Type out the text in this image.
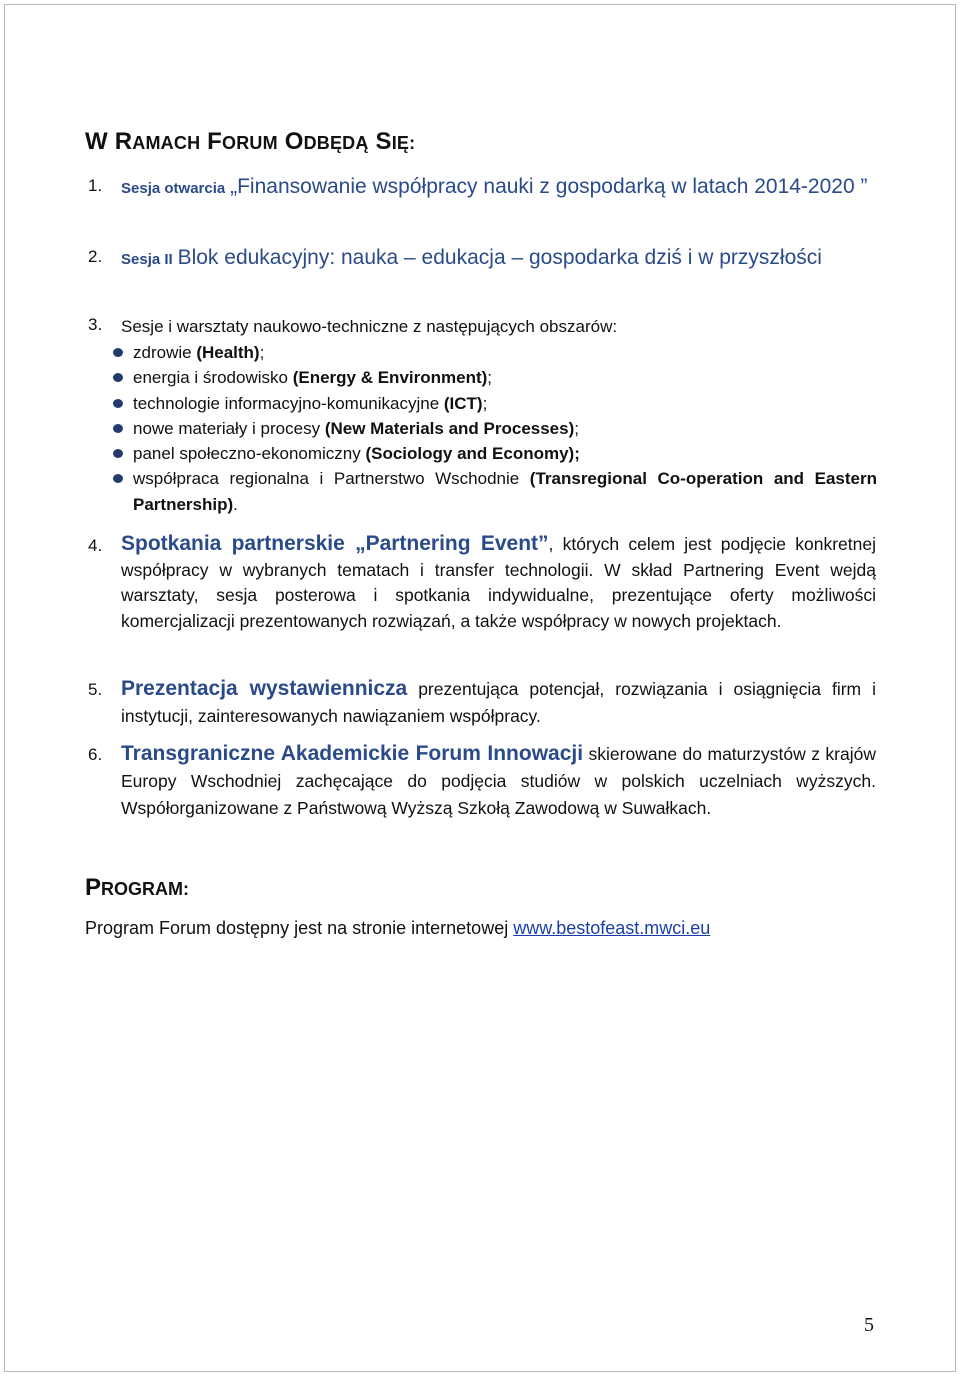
W RAMACH FORUM ODBĘDĄ SIĘ:
1. Sesja otwarcia „Finansowanie współpracy nauki z gospodarką w latach 2014-2020 ”
2. Sesja II Blok edukacyjny: nauka – edukacja – gospodarka dziś i w przyszłości
3. Sesje i warsztaty naukowo-techniczne z następujących obszarów:
zdrowie (Health);
energia i środowisko (Energy & Environment);
technologie informacyjno-komunikacyjne (ICT);
nowe materiały i procesy (New Materials and Processes);
panel społeczno-ekonomiczny (Sociology and Economy);
współpraca regionalna i Partnerstwo Wschodnie (Transregional Co-operation and Eastern Partnership).
4. Spotkania partnerskie „Partnering Event”, których celem jest podjęcie konkretnej współpracy w wybranych tematach i transfer technologii. W skład Partnering Event wejdą warsztaty, sesja posterowa i spotkania indywidualne, prezentujące oferty możliwości komercjalizacji prezentowanych rozwiązań, a także współpracy w nowych projektach.
5. Prezentacja wystawiennicza prezentująca potencjał, rozwiązania i osiągnięcia firm i instytucji, zainteresowanych nawiązaniem współpracy.
6. Transgraniczne Akademickie Forum Innowacji skierowane do maturzystów z krajów Europy Wschodniej zachęcające do podjęcia studiów w polskich uczelniach wyższych. Współorganizowane z Państwową Wyższą Szkołą Zawodową w Suwałkach.
PROGRAM:
Program Forum dostępny jest na stronie internetowej www.bestofeast.mwci.eu
5
